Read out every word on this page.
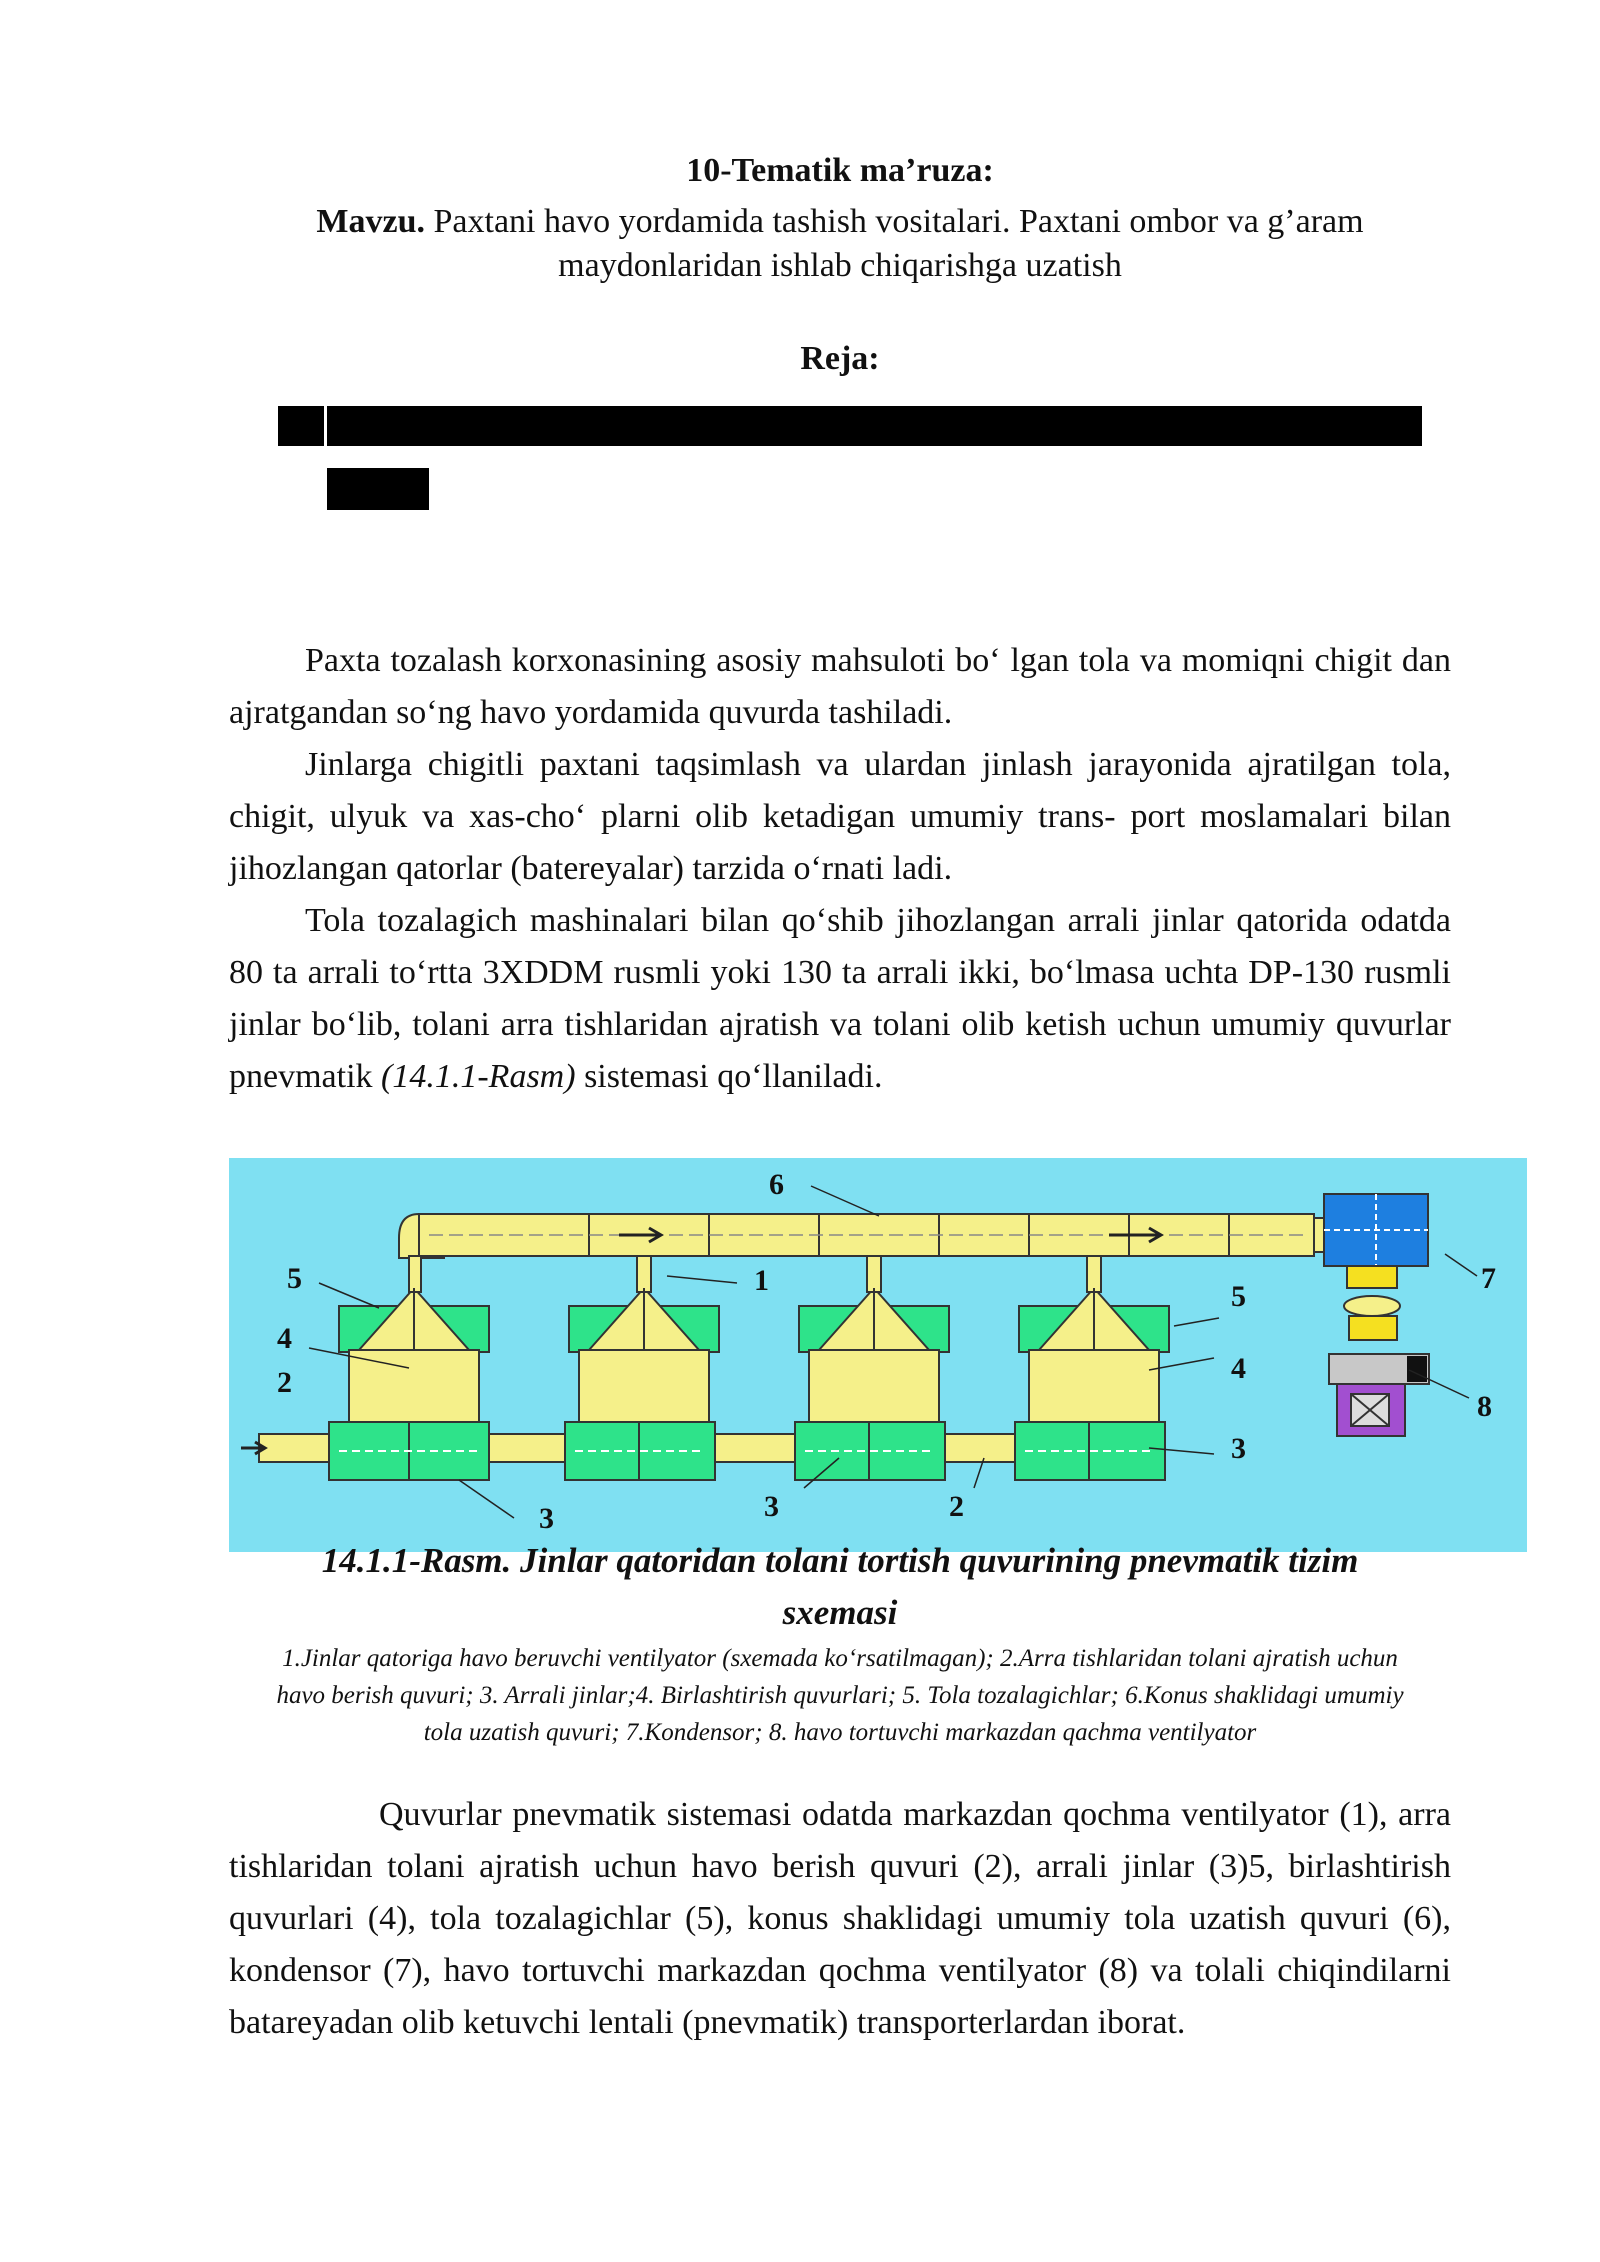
10-Tematik ma’ruza:
Mavzu. Paxtani havo yordamida tashish vositalari. Paxtani ombor va g’aram
maydonlaridan ishlab chiqarishga uzatish
Reja:

Paxta tozalash korxonasining asosiy mahsuloti bo‘ lgan tola va momiqni chigit dan ajratgandan so‘ng havo yordamida quvurda tashiladi.

Jinlarga chigitli paxtani taqsimlash va ulardan jinlash jarayonida ajratilgan tola, chigit, ulyuk va xas-cho‘ plarni olib ketadigan umumiy trans- port moslamalari bilan jihozlangan qatorlar (batereyalar) tarzida o‘rnati ladi.

Tola tozalagich mashinalari bilan qo‘shib jihozlangan arrali jinlar qatorida odatda 80 ta arrali to‘rtta 3XDDM rusmli yoki 130 ta arrali ikki, bo‘lmasa uchta DP-130 rusmli jinlar bo‘lib, tolani arra tishlaridan ajratish va tolani olib ketish uchun umumiy quvurlar pnevmatik (14.1.1-Rasm) sistemasi qo‘llaniladi.

6
1
5
4
2
5
4
3
7
8
3	3	2
14.1.1-Rasm. Jinlar qatoridan tolani tortish quvurining pnevmatik tizim
sxemasi
1.Jinlar qatoriga havo beruvchi ventilyator (sxemada ko‘rsatilmagan); 2.Arra tishlaridan tolani ajratish uchun
havo berish quvuri; 3. Arrali jinlar;4. Birlashtirish quvurlari; 5. Tola tozalagichlar; 6.Konus shaklidagi umumiy
tola uzatish quvuri; 7.Kondensor; 8. havo tortuvchi markazdan qachma ventilyator

Quvurlar pnevmatik sistemasi odatda markazdan qochma ventilyator (1), arra tishlaridan tolani ajratish uchun havo berish quvuri (2), arrali jinlar (3)5, birlashtirish quvurlari (4), tola tozalagichlar (5), konus shaklidagi umumiy tola uzatish quvuri (6), kondensor (7), havo tortuvchi markazdan qochma ventilyator (8) va tolali chiqindilarni batareyadan olib ketuvchi lentali (pnevmatik) transporterlardan iborat.
